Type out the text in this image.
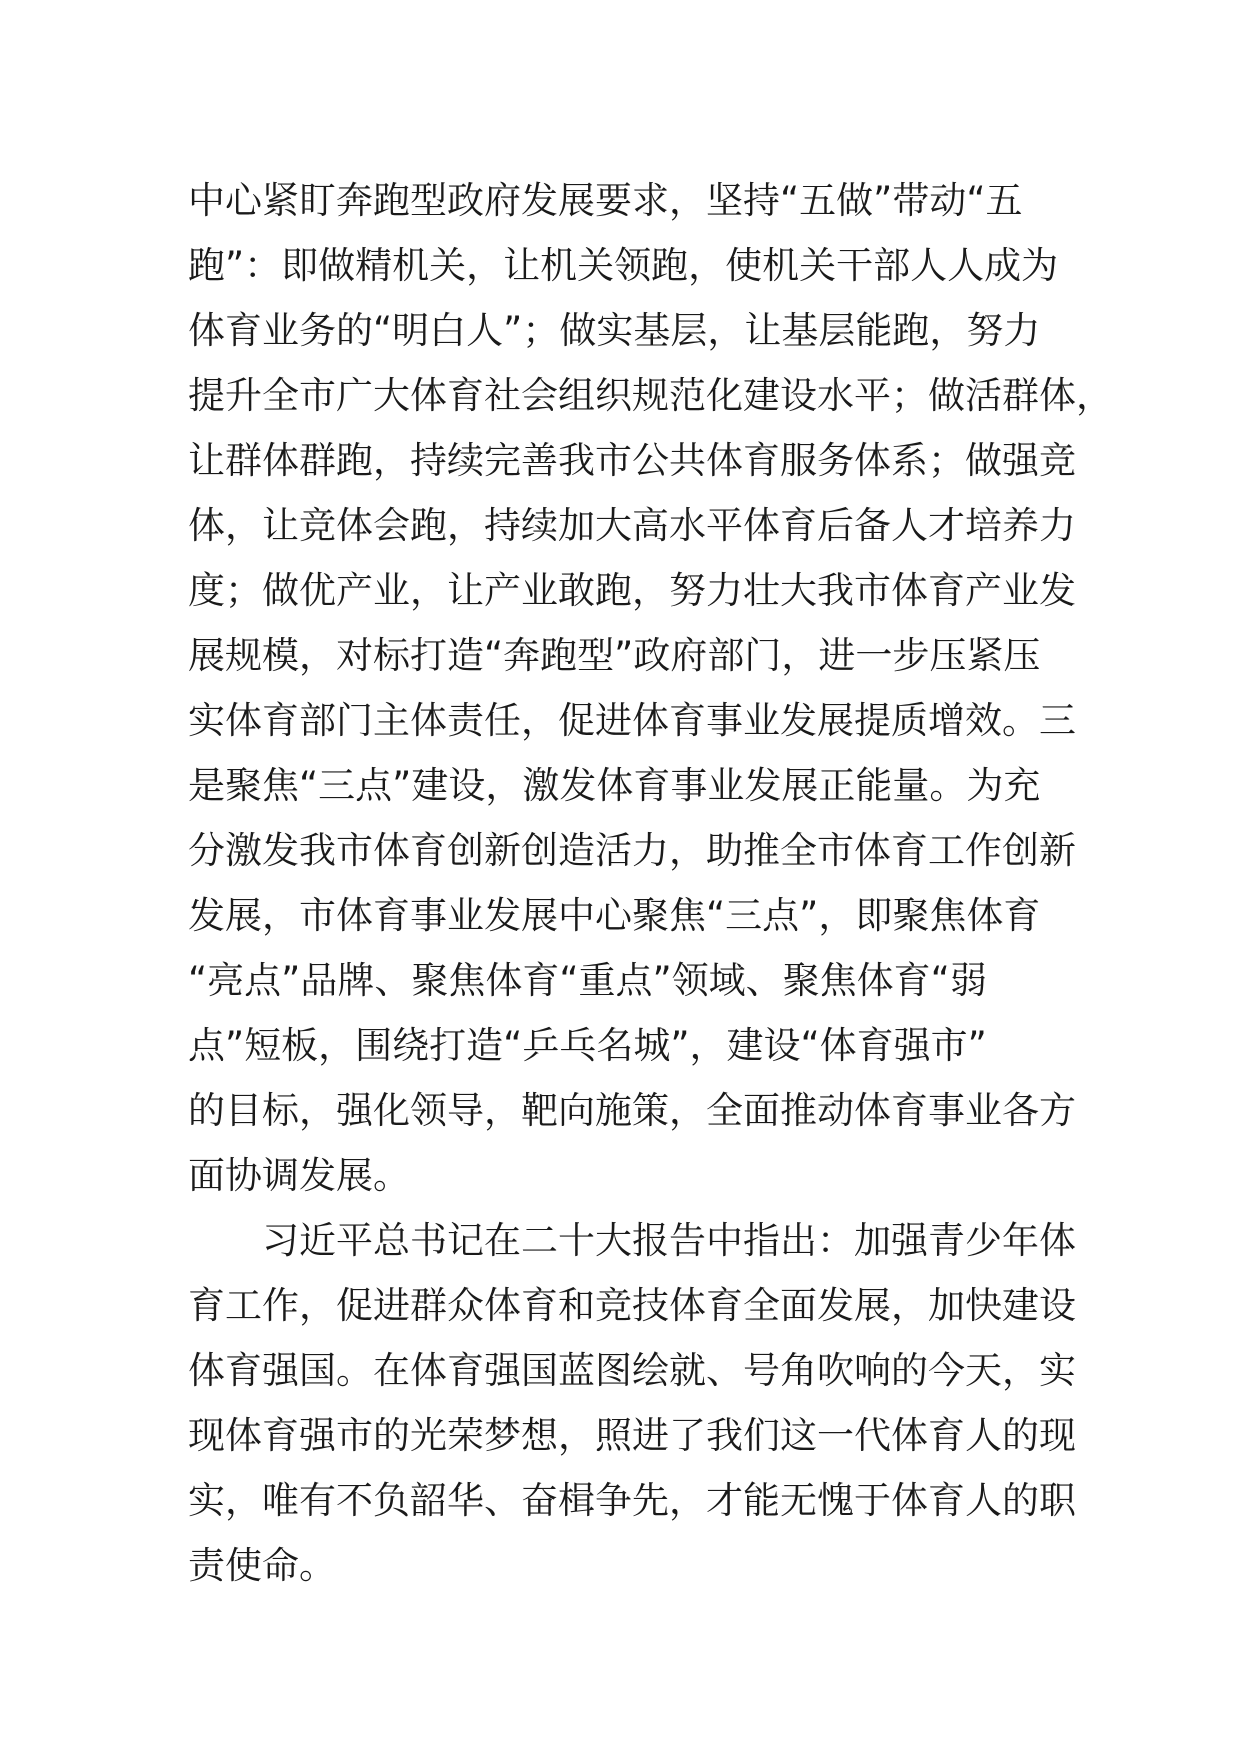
中心紧盯奔跑型政府发展要求，坚持“五做”带动“五
跑”：即做精机关，让机关领跑，使机关干部人人成为
体育业务的“明白人”；做实基层，让基层能跑，努力
提升全市广大体育社会组织规范化建设水平；做活群体，
让群体群跑，持续完善我市公共体育服务体系；做强竞
体，让竞体会跑，持续加大高水平体育后备人才培养力
度；做优产业，让产业敢跑，努力壮大我市体育产业发
展规模，对标打造“奔跑型”政府部门，进一步压紧压
实体育部门主体责任，促进体育事业发展提质增效。三
是聚焦“三点”建设，激发体育事业发展正能量。为充
分激发我市体育创新创造活力，助推全市体育工作创新
发展，市体育事业发展中心聚焦“三点”，即聚焦体育
“亮点”品牌、聚焦体育“重点”领域、聚焦体育“弱
点”短板，围绕打造“乒乓名城”，建设“体育强市”
的目标，强化领导，靶向施策，全面推动体育事业各方
面协调发展。
习近平总书记在二十大报告中指出：加强青少年体
育工作，促进群众体育和竞技体育全面发展，加快建设
体育强国。在体育强国蓝图绘就、号角吹响的今天，实
现体育强市的光荣梦想，照进了我们这一代体育人的现
实，唯有不负韶华、奋楫争先，才能无愧于体育人的职
责使命。
